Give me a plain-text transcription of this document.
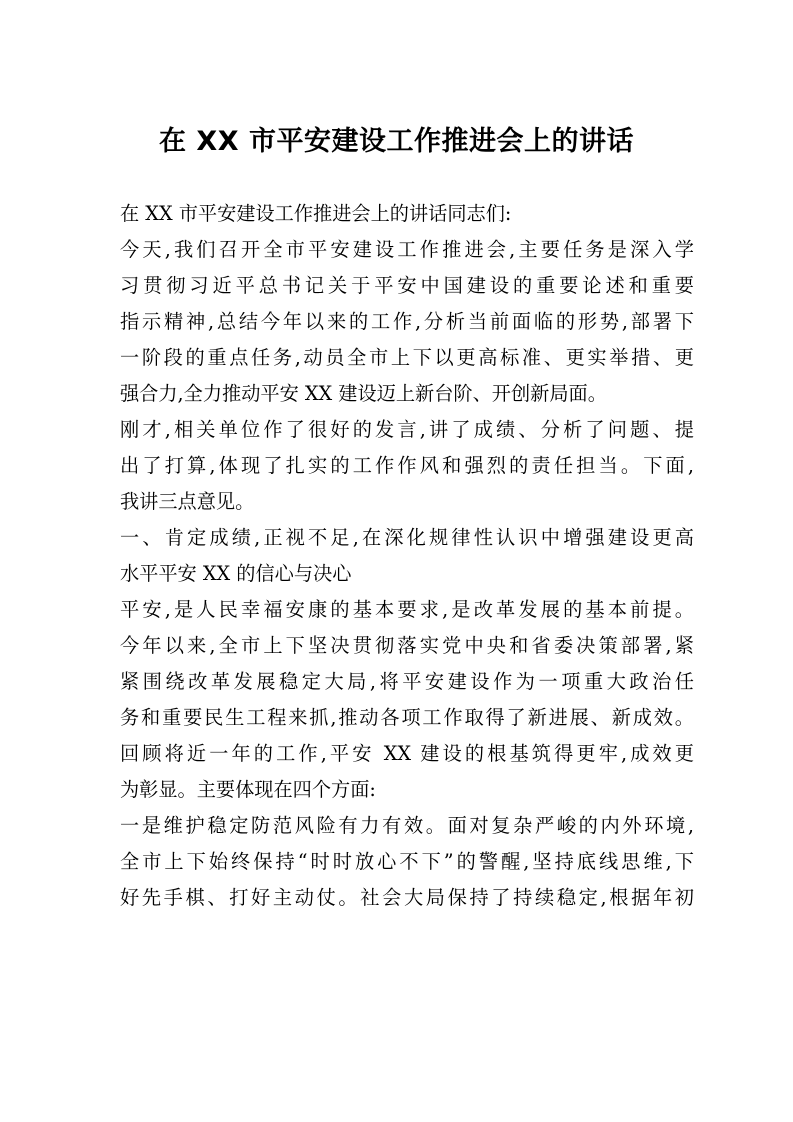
在 XX 市平安建设工作推进会上的讲话
在 XX 市平安建设工作推进会上的讲话同志们:
今天,我们召开全市平安建设工作推进会,主要任务是深入学
习贯彻习近平总书记关于平安中国建设的重要论述和重要
指示精神,总结今年以来的工作,分析当前面临的形势,部署下
一阶段的重点任务,动员全市上下以更高标准、更实举措、更
强合力,全力推动平安 XX 建设迈上新台阶、开创新局面。
刚才,相关单位作了很好的发言,讲了成绩、分析了问题、提
出了打算,体现了扎实的工作作风和强烈的责任担当。下面,
我讲三点意见。
一、肯定成绩,正视不足,在深化规律性认识中增强建设更高
水平平安 XX 的信心与决心
平安,是人民幸福安康的基本要求,是改革发展的基本前提。
今年以来,全市上下坚决贯彻落实党中央和省委决策部署,紧
紧围绕改革发展稳定大局,将平安建设作为一项重大政治任
务和重要民生工程来抓,推动各项工作取得了新进展、新成效。
回顾将近一年的工作,平安 XX 建设的根基筑得更牢,成效更
为彰显。主要体现在四个方面:
一是维护稳定防范风险有力有效。面对复杂严峻的内外环境,
全市上下始终保持“时时放心不下”的警醒,坚持底线思维,下
好先手棋、打好主动仗。社会大局保持了持续稳定,根据年初
